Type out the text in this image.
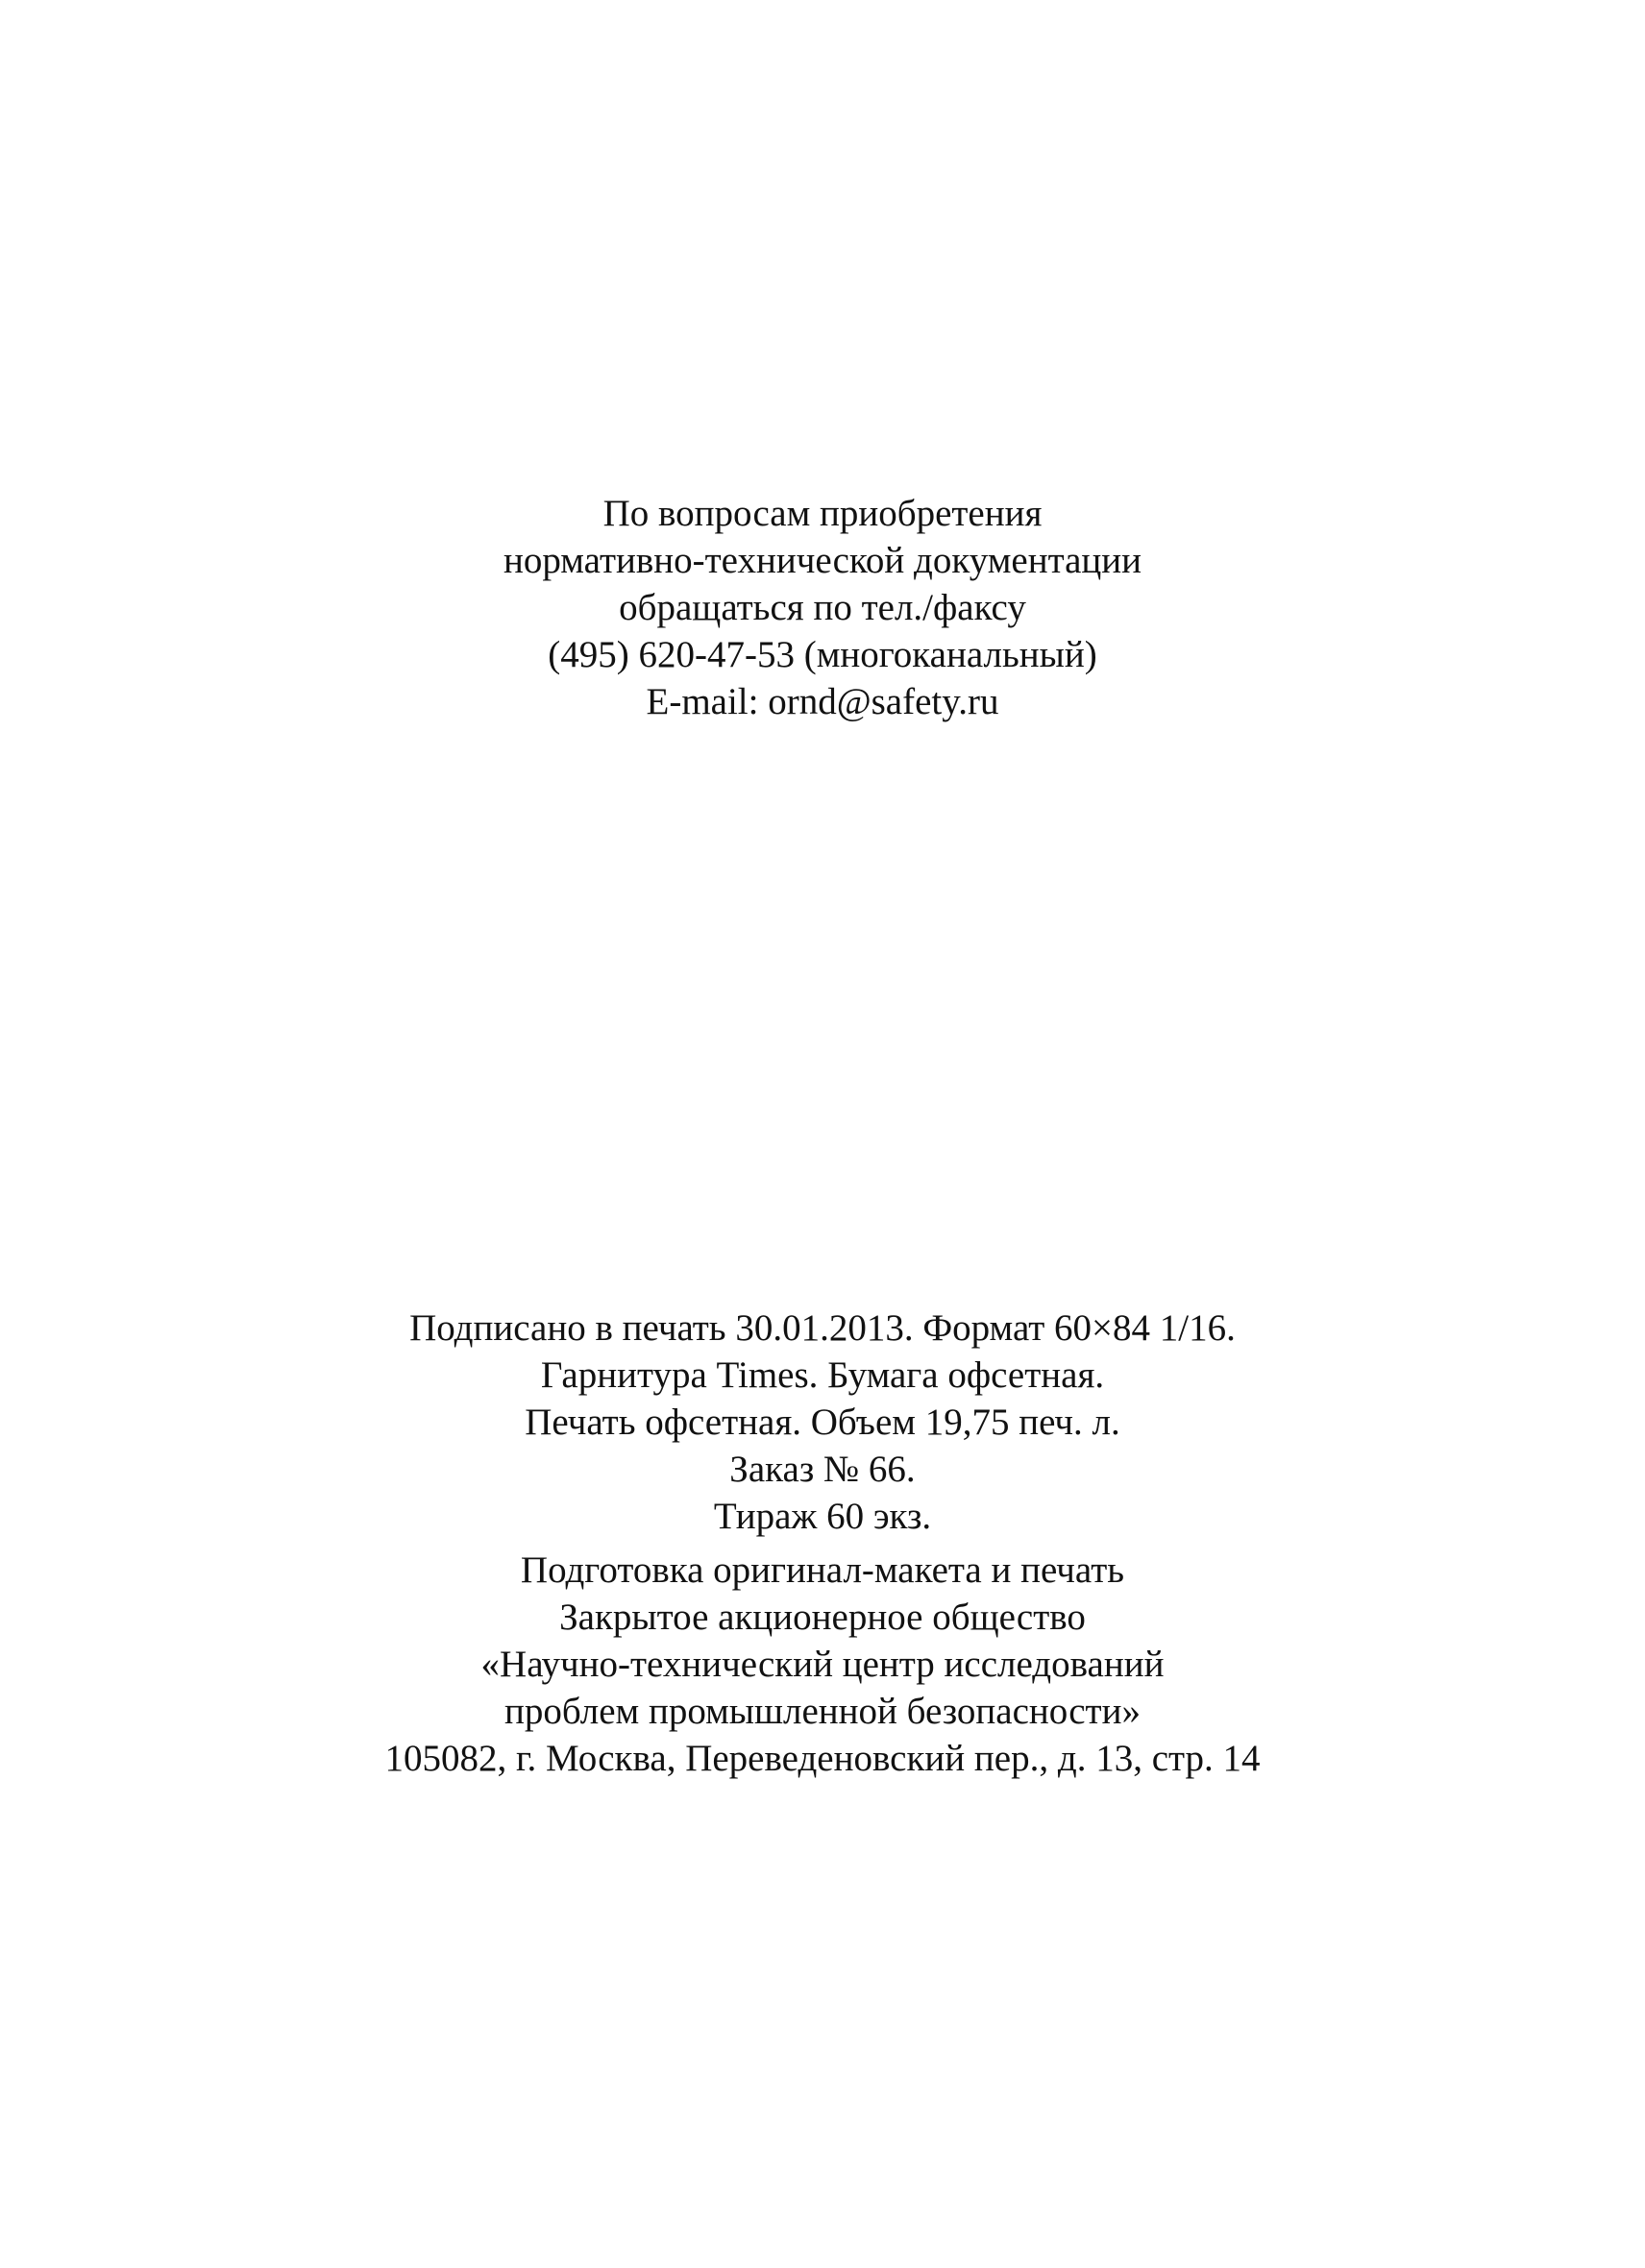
По вопросам приобретения
нормативно-технической документации
обращаться по тел./факсу
(495) 620-47-53 (многоканальный)
E-mail: ornd@safety.ru
Подписано в печать 30.01.2013. Формат 60×84 1/16.
Гарнитура Times. Бумага офсетная.
Печать офсетная. Объем 19,75 печ. л.
Заказ № 66.
Тираж 60 экз.
Подготовка оригинал-макета и печать
Закрытое акционерное общество
«Научно-технический центр исследований
проблем промышленной безопасности»
105082, г. Москва, Переведеновский пер., д. 13, стр. 14
